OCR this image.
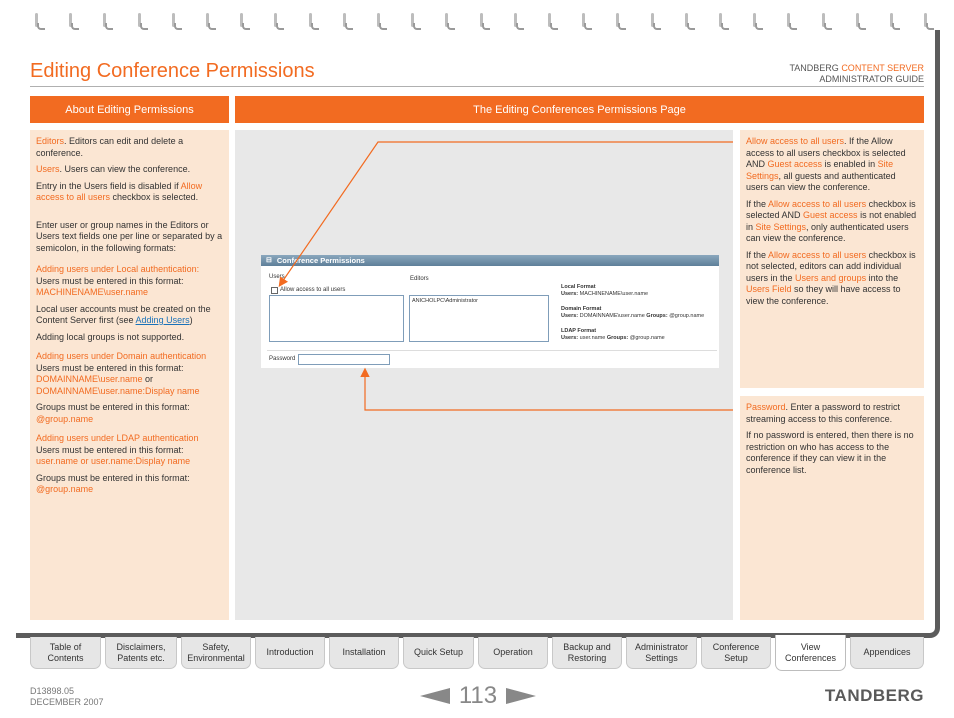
Editing Conference Permissions	TANDBERG CONTENT SERVER
ADMINISTRATOR GUIDE
About Editing Permissions	The Editing Conferences Permissions Page

Editors. Editors can edit and delete a conference.

Users. Users can view the conference.

Entry in the Users field is disabled if Allow access to all users checkbox is selected.

Enter user or group names in the Editors or Users text fields one per line or separated by a semicolon, in the following formats:

Adding users under Local authentication:

Users must be entered in this format: MACHINENAME\user.name

Local user accounts must be created on the Content Server first (see Adding Users)

Adding local groups is not supported.

Adding users under Domain authentication

Users must be entered in this format: DOMAINNAME\user.name or DOMAINNAME\user.name:Display name

Groups must be entered in this format: @group.name

Adding users under LDAP authentication

Users must be entered in this format: user.name or user.name:Display name

Groups must be entered in this format: @group.name

⊟ Conference Permissions
Users	Editors
Allow access to all users
ANICHOLPC\Administrator
Local Format
Users: MACHINENAME\user.name
Domain Format
Users: DOMAINNAME\user.name Groups: @group.name
LDAP Format
Users: user.name Groups: @group.name
Password

Allow access to all users. If the Allow access to all users checkbox is selected AND Guest access is enabled in Site Settings, all guests and authenticated users can view the conference.

If the Allow access to all users checkbox is selected AND Guest access is not enabled in Site Settings, only authenticated users can view the conference.

If the Allow access to all users checkbox is not selected, editors can add individual users in the Users and groups into the Users Field so they will have access to view the conference.

Password. Enter a password to restrict streaming access to this conference.

If no password is entered, then there is no restriction on who has access to the conference if they can view it in the conference list.

Table of Contents
Disclaimers, Patents etc.
Safety, Environmental
Introduction	Installation	Quick Setup	Operation
Backup and Restoring
Administrator Settings
Conference Setup
View Conferences
Appendices
D13898.05
DECEMBER 2007	113	TANDBERG
